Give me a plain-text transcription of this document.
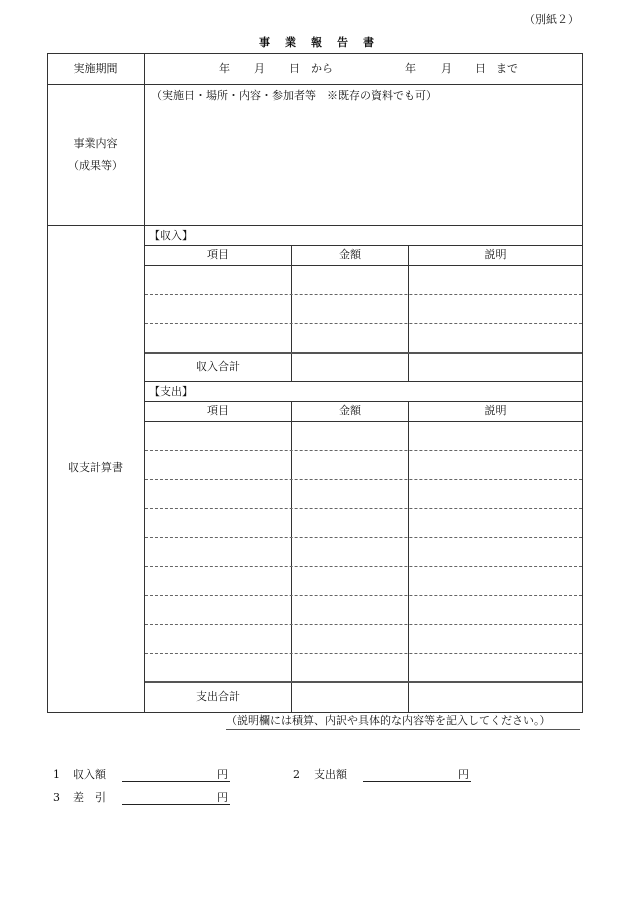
（別紙２）
事　業　報　告　書
実施期間	年 月 日 から	年 月 日 まで
事業内容
（成果等）
（実施日・場所・内容・参加者等　※既存の資料でも可）
収支計算書
【収入】
項目	金額	説明
収入合計
【支出】
項目	金額	説明
支出合計
（説明欄には積算、内訳や具体的な内容等を記入してください。）
1 収入額	円	2 支出額	円
3 差　引	円
